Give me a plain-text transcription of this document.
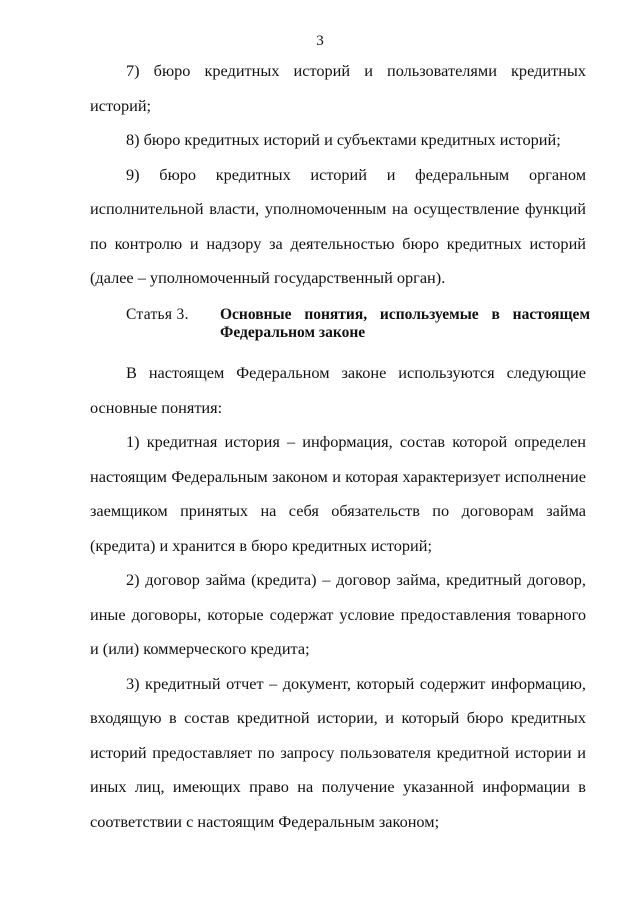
3

7) бюро кредитных историй и пользователями кредитных историй;

8) бюро кредитных историй и субъектами кредитных историй;

9) бюро кредитных историй и федеральным органом исполнительной власти, уполномоченным на осуществление функций по контролю и надзору за деятельностью бюро кредитных историй (далее – уполномоченный государственный орган).

Статья 3. Основные понятия, используемые в настоящем
Федеральном законе

В настоящем Федеральном законе используются следующие основные понятия:

1) кредитная история – информация, состав которой определен настоящим Федеральным законом и которая характеризует исполнение заемщиком принятых на себя обязательств по договорам займа (кредита) и хранится в бюро кредитных историй;

2) договор займа (кредита) – договор займа, кредитный договор, иные договоры, которые содержат условие предоставления товарного и (или) коммерческого кредита;

3) кредитный отчет – документ, который содержит информацию, входящую в состав кредитной истории, и который бюро кредитных историй предоставляет по запросу пользователя кредитной истории и иных лиц, имеющих право на получение указанной информации в соответствии с настоящим Федеральным законом;
